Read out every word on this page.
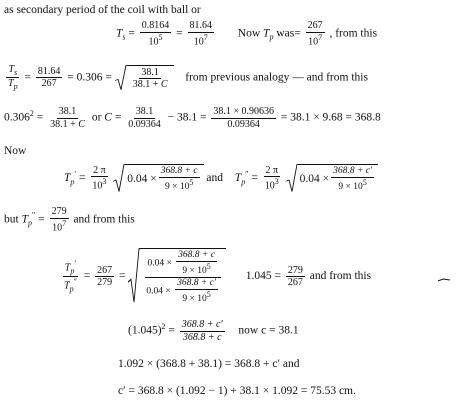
as secondary period of the coil with ball or
$T_s = \frac{0.8164}{10^5} = \frac{81.64}{10^7}$ Now $T_p$ $was= \frac{267}{10^7}$ , from this
$\frac{T_s}{T_p} = \frac{81.64}{267} = 0.306$ =	38.1
38.1 + C
from previous analogy — and from this
$0.306^2 = \frac{38.1}{38.1 + C}$ or $C = \frac{38.1}{0.09364} - 38.1 = \frac{38.1 \times 0.90636}{0.09364} = 38.1 \times 9.68 = 368.8$
Now
$T_p' = \frac{2 \pi}{10^3}$
$0.04 \times \frac{368.8 + c}{9 \times 10^5}$ and $T_p'' = \frac{2 \pi}{10^3}$
$0.04 \times \frac{368.8 + c'}{9 \times 10^5}$
but $T_p'' = \frac{279}{10^7}$ and from this
$\frac{T_p'}{T_p''} = \frac{267}{279}$ =
$0.04 \times \frac{368.8 + c}{9 \times 10^5}$
$0.04 \times \frac{368.8 + c'}{9 \times 10^5}$
$1.045 = \frac{279}{267}$ and from this
$(1.045)^2 = \frac{368.8 + c'}{368.8 + c}$ now c = 38.1
1.092 × (368.8 + 38.1) = 368.8 + c′ and
c′ = 368.8 × (1.092 − 1) + 38.1 × 1.092 = 75.53 cm.
